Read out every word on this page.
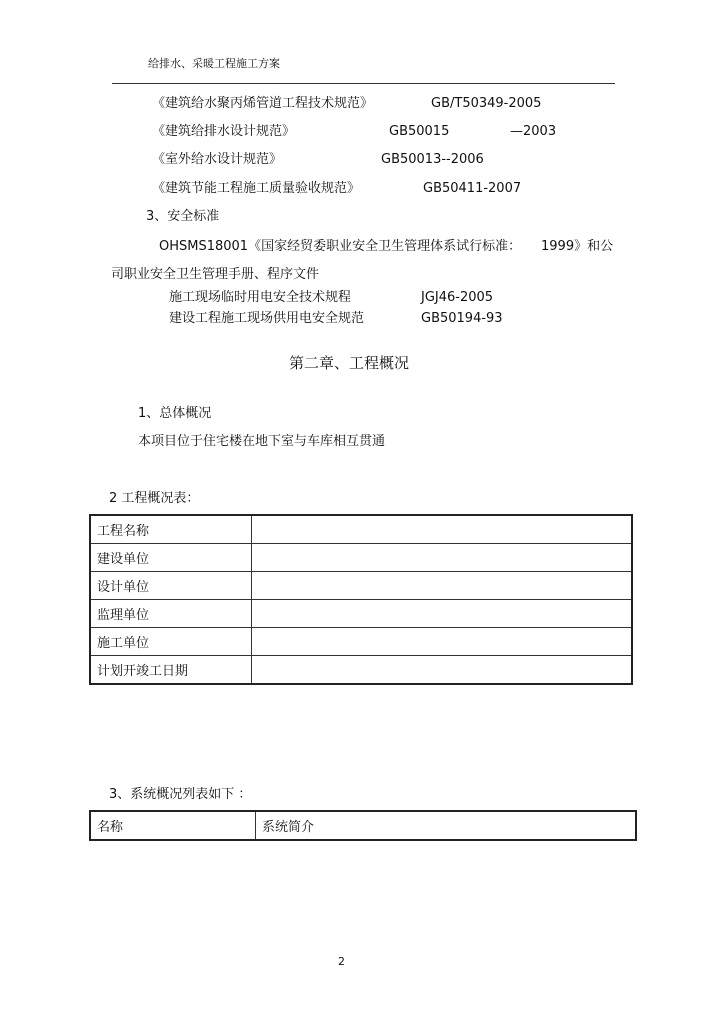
给排水、采暖工程施工方案
《建筑给水聚丙烯管道工程技术规范》	GB/T50349-2005
《建筑给排水设计规范》	GB50015	—2003
《室外给水设计规范》	GB50013--2006
《建筑节能工程施工质量验收规范》	GB50411-2007
3、安全标准
OHSMS18001《国家经贸委职业安全卫生管理体系试行标准： 1999》和公
司职业安全卫生管理手册、程序文件
施工现场临时用电安全技术规程	JGJ46-2005
建设工程施工现场供用电安全规范	GB50194-93
第二章、工程概况
1、总体概况
本项目位于住宅楼在地下室与车库相互贯通
2 工程概况表：
工程名称	
建设单位	
设计单位	
监理单位	
施工单位	
计划开竣工日期	
3、系统概况列表如下 ：
名称	系统简介
2
